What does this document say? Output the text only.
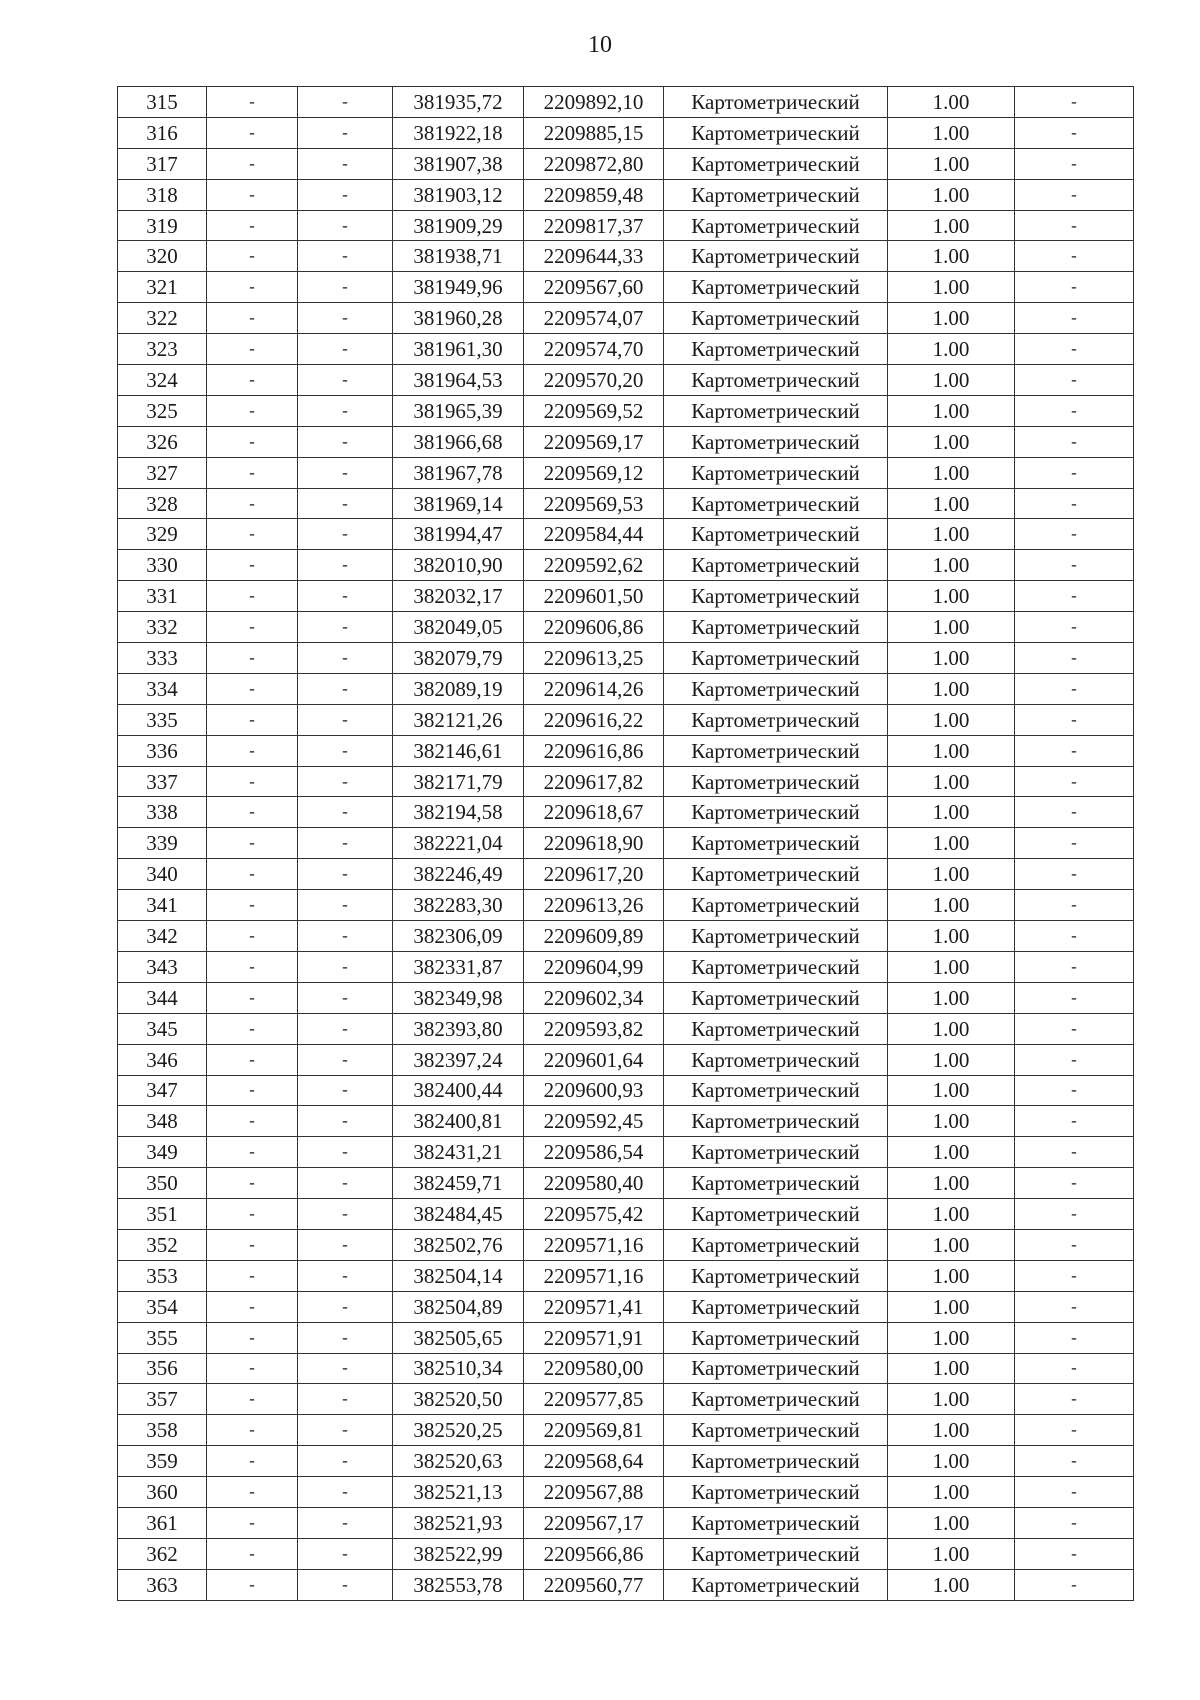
10
315	-	-	381935,72	2209892,10	Картометрический	1.00	-
316	-	-	381922,18	2209885,15	Картометрический	1.00	-
317	-	-	381907,38	2209872,80	Картометрический	1.00	-
318	-	-	381903,12	2209859,48	Картометрический	1.00	-
319	-	-	381909,29	2209817,37	Картометрический	1.00	-
320	-	-	381938,71	2209644,33	Картометрический	1.00	-
321	-	-	381949,96	2209567,60	Картометрический	1.00	-
322	-	-	381960,28	2209574,07	Картометрический	1.00	-
323	-	-	381961,30	2209574,70	Картометрический	1.00	-
324	-	-	381964,53	2209570,20	Картометрический	1.00	-
325	-	-	381965,39	2209569,52	Картометрический	1.00	-
326	-	-	381966,68	2209569,17	Картометрический	1.00	-
327	-	-	381967,78	2209569,12	Картометрический	1.00	-
328	-	-	381969,14	2209569,53	Картометрический	1.00	-
329	-	-	381994,47	2209584,44	Картометрический	1.00	-
330	-	-	382010,90	2209592,62	Картометрический	1.00	-
331	-	-	382032,17	2209601,50	Картометрический	1.00	-
332	-	-	382049,05	2209606,86	Картометрический	1.00	-
333	-	-	382079,79	2209613,25	Картометрический	1.00	-
334	-	-	382089,19	2209614,26	Картометрический	1.00	-
335	-	-	382121,26	2209616,22	Картометрический	1.00	-
336	-	-	382146,61	2209616,86	Картометрический	1.00	-
337	-	-	382171,79	2209617,82	Картометрический	1.00	-
338	-	-	382194,58	2209618,67	Картометрический	1.00	-
339	-	-	382221,04	2209618,90	Картометрический	1.00	-
340	-	-	382246,49	2209617,20	Картометрический	1.00	-
341	-	-	382283,30	2209613,26	Картометрический	1.00	-
342	-	-	382306,09	2209609,89	Картометрический	1.00	-
343	-	-	382331,87	2209604,99	Картометрический	1.00	-
344	-	-	382349,98	2209602,34	Картометрический	1.00	-
345	-	-	382393,80	2209593,82	Картометрический	1.00	-
346	-	-	382397,24	2209601,64	Картометрический	1.00	-
347	-	-	382400,44	2209600,93	Картометрический	1.00	-
348	-	-	382400,81	2209592,45	Картометрический	1.00	-
349	-	-	382431,21	2209586,54	Картометрический	1.00	-
350	-	-	382459,71	2209580,40	Картометрический	1.00	-
351	-	-	382484,45	2209575,42	Картометрический	1.00	-
352	-	-	382502,76	2209571,16	Картометрический	1.00	-
353	-	-	382504,14	2209571,16	Картометрический	1.00	-
354	-	-	382504,89	2209571,41	Картометрический	1.00	-
355	-	-	382505,65	2209571,91	Картометрический	1.00	-
356	-	-	382510,34	2209580,00	Картометрический	1.00	-
357	-	-	382520,50	2209577,85	Картометрический	1.00	-
358	-	-	382520,25	2209569,81	Картометрический	1.00	-
359	-	-	382520,63	2209568,64	Картометрический	1.00	-
360	-	-	382521,13	2209567,88	Картометрический	1.00	-
361	-	-	382521,93	2209567,17	Картометрический	1.00	-
362	-	-	382522,99	2209566,86	Картометрический	1.00	-
363	-	-	382553,78	2209560,77	Картометрический	1.00	-
